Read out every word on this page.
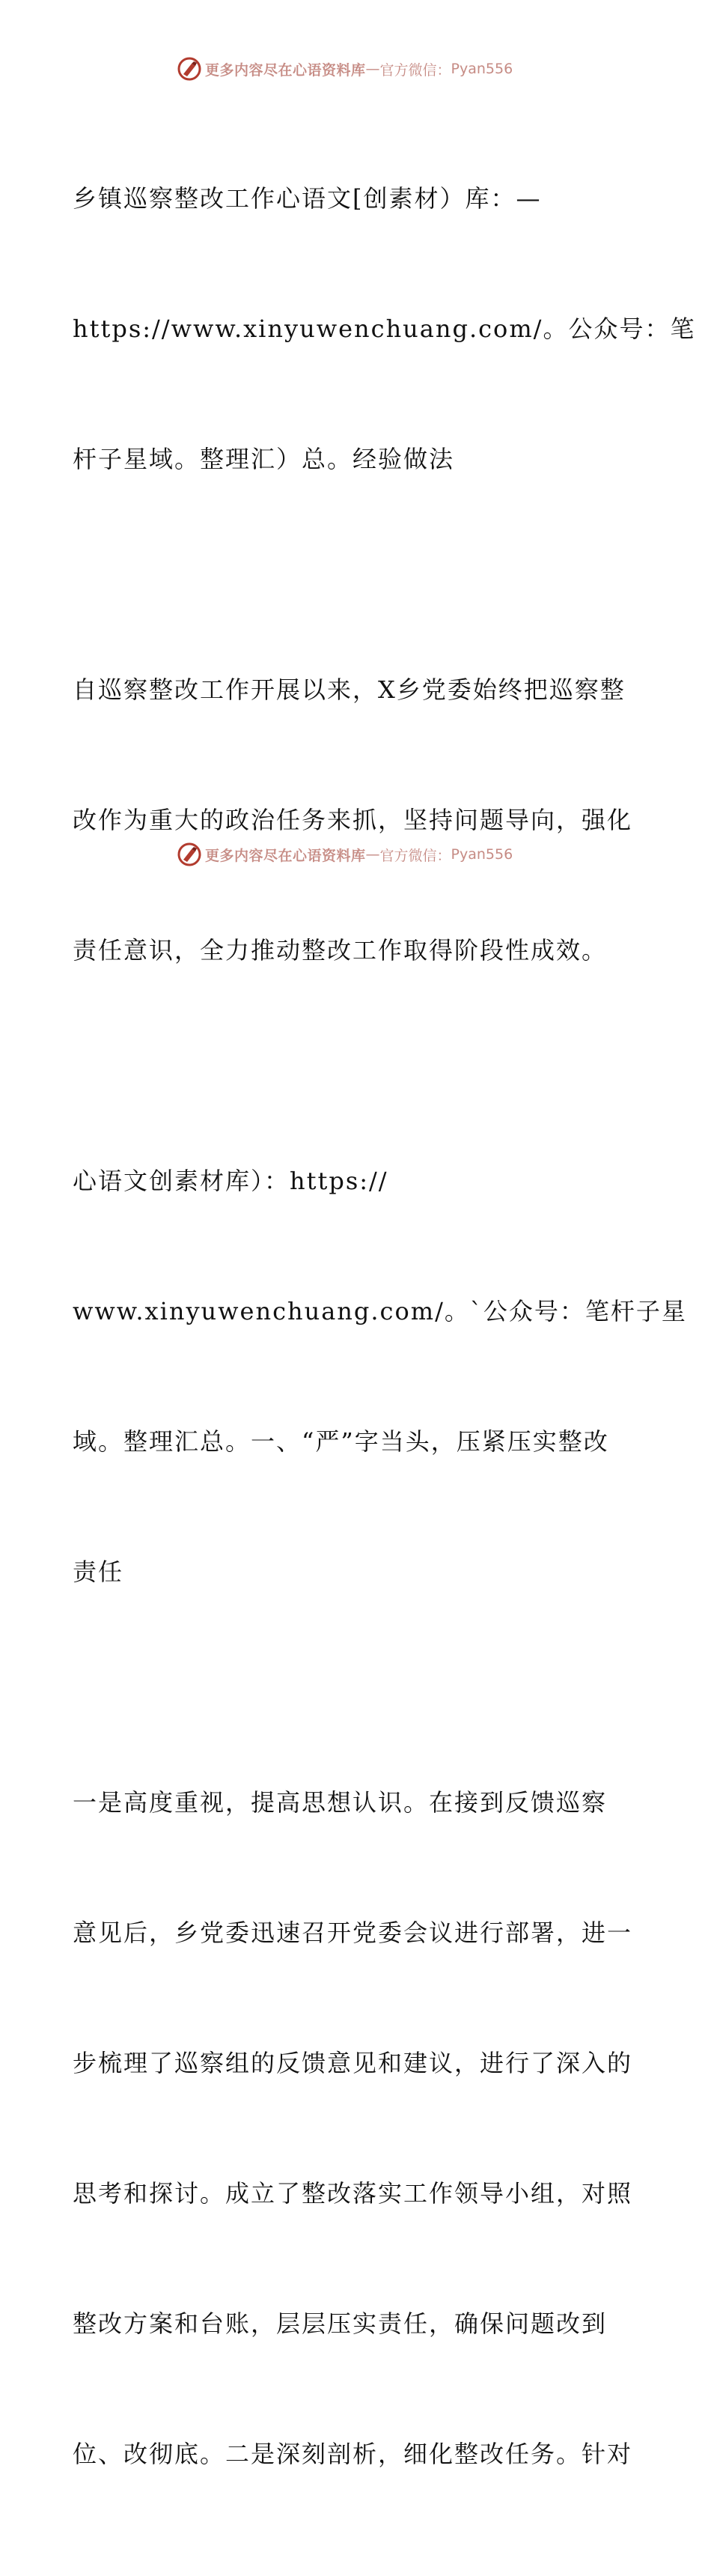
更多内容尽在心语资料库 — 官方微信： Pyan556

乡镇巡察整改工作心语文[创素材）库：—

https://www.xinyuwenchuang.com/。公众号：笔

杆子星域。整理汇）总。经验做法

自巡察整改工作开展以来，X乡党委始终把巡察整

改作为重大的政治任务来抓，坚持问题导向，强化

责任意识，全力推动整改工作取得阶段性成效。

心语文创素材库）：https://

www.xinyuwenchuang.com/。`公众号：笔杆子星

域。整理汇总。一、“严”字当头，压紧压实整改

责任

一是高度重视，提高思想认识。在接到反馈巡察

意见后，乡党委迅速召开党委会议进行部署，进一

步梳理了巡察组的反馈意见和建议，进行了深入的

思考和探讨。成立了整改落实工作领导小组，对照

整改方案和台账，层层压实责任，确保问题改到

位、改彻底。二是深刻剖析，细化整改任务。针对

更多内容尽在心语资料库 — 官方微信： Pyan556
